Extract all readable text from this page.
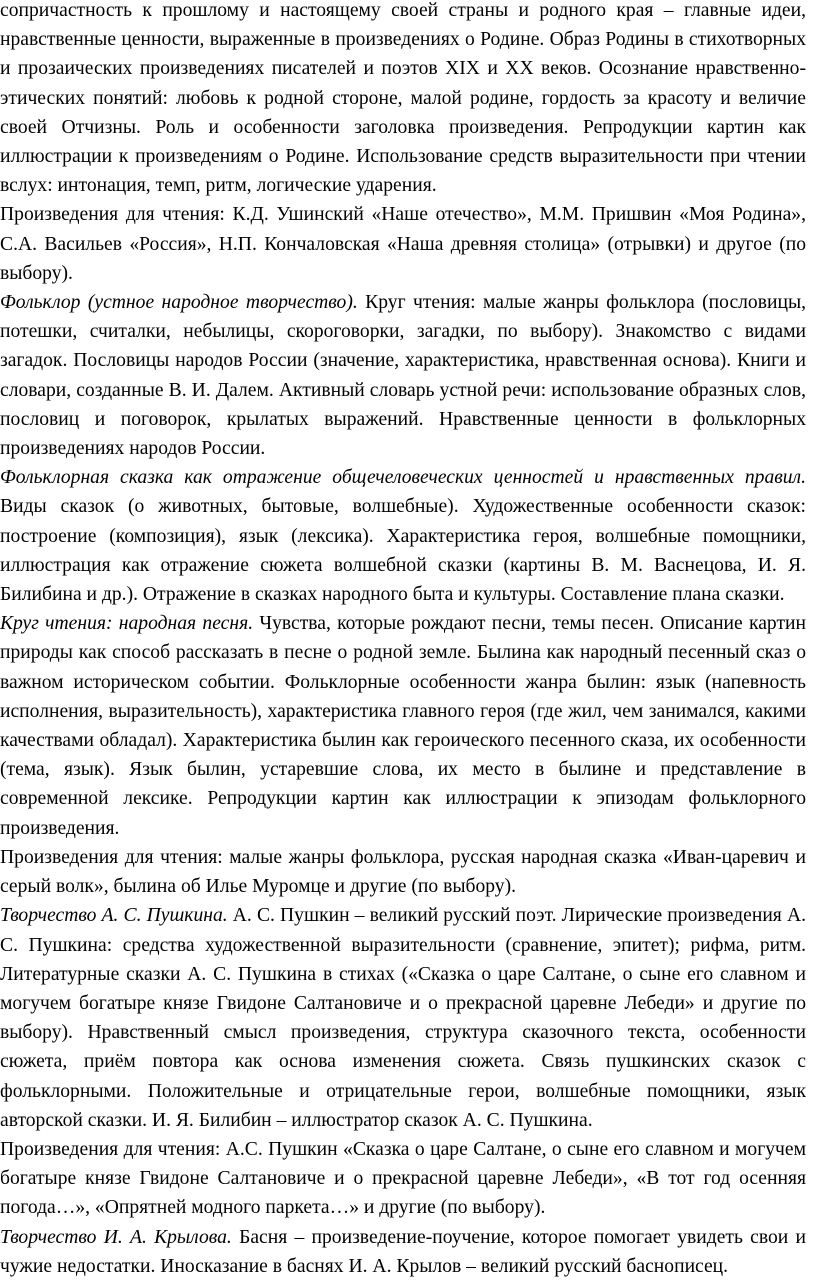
сопричастность к прошлому и настоящему своей страны и родного края – главные идеи, нравственные ценности, выраженные в произведениях о Родине. Образ Родины в стихотворных и прозаических произведениях писателей и поэтов XIX и XX веков. Осознание нравственно-этических понятий: любовь к родной стороне, малой родине, гордость за красоту и величие своей Отчизны. Роль и особенности заголовка произведения. Репродукции картин как иллюстрации к произведениям о Родине. Использование средств выразительности при чтении вслух: интонация, темп, ритм, логические ударения.

Произведения для чтения: К.Д. Ушинский «Наше отечество», М.М. Пришвин «Моя Родина», С.А. Васильев «Россия», Н.П. Кончаловская «Наша древняя столица» (отрывки) и другое (по выбору).

Фольклор (устное народное творчество). Круг чтения: малые жанры фольклора (пословицы, потешки, считалки, небылицы, скороговорки, загадки, по выбору). Знакомство с видами загадок. Пословицы народов России (значение, характеристика, нравственная основа). Книги и словари, созданные В. И. Далем. Активный словарь устной речи: использование образных слов, пословиц и поговорок, крылатых выражений. Нравственные ценности в фольклорных произведениях народов России.

Фольклорная сказка как отражение общечеловеческих ценностей и нравственных правил. Виды сказок (о животных, бытовые, волшебные). Художественные особенности сказок: построение (композиция), язык (лексика). Характеристика героя, волшебные помощники, иллюстрация как отражение сюжета волшебной сказки (картины В. М. Васнецова, И. Я. Билибина и др.). Отражение в сказках народного быта и культуры. Составление плана сказки.

Круг чтения: народная песня. Чувства, которые рождают песни, темы песен. Описание картин природы как способ рассказать в песне о родной земле. Былина как народный песенный сказ о важном историческом событии. Фольклорные особенности жанра былин: язык (напевность исполнения, выразительность), характеристика главного героя (где жил, чем занимался, какими качествами обладал). Характеристика былин как героического песенного сказа, их особенности (тема, язык). Язык былин, устаревшие слова, их место в былине и представление в современной лексике. Репродукции картин как иллюстрации к эпизодам фольклорного произведения.

Произведения для чтения: малые жанры фольклора, русская народная сказка «Иван-царевич и серый волк», былина об Илье Муромце и другие (по выбору).

Творчество А. С. Пушкина. А. С. Пушкин – великий русский поэт. Лирические произведения А. С. Пушкина: средства художественной выразительности (сравнение, эпитет); рифма, ритм. Литературные сказки А. С. Пушкина в стихах («Сказка о царе Салтане, о сыне его славном и могучем богатыре князе Гвидоне Салтановиче и о прекрасной царевне Лебеди» и другие по выбору). Нравственный смысл произведения, структура сказочного текста, особенности сюжета, приём повтора как основа изменения сюжета. Связь пушкинских сказок с фольклорными. Положительные и отрицательные герои, волшебные помощники, язык авторской сказки. И. Я. Билибин – иллюстратор сказок А. С. Пушкина.

Произведения для чтения: А.С. Пушкин «Сказка о царе Салтане, о сыне его славном и могучем богатыре князе Гвидоне Салтановиче и о прекрасной царевне Лебеди», «В тот год осенняя погода…», «Опрятней модного паркета…» и другие (по выбору).

Творчество И. А. Крылова. Басня – произведение-поучение, которое помогает увидеть свои и чужие недостатки. Иносказание в баснях И. А. Крылов – великий русский баснописец.
